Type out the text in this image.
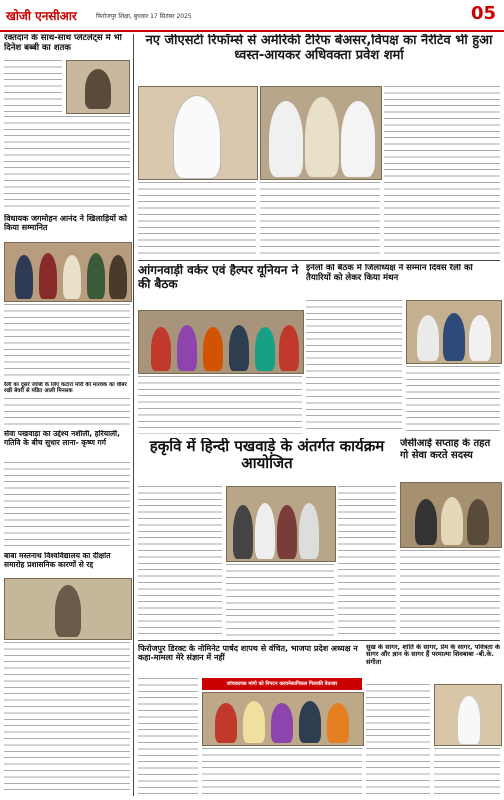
खोजी एनसीआर	फिरोजपुर शिक्षा, बुधवार 17 सितंबर 2025	05
रक्तदान के साथ-साथ प्लेटलेट्स में भी दिनेश बब्बी का शतक
विधायक जगमोहन आनंद ने खिलाड़ियों को किया सम्मानित
रैली का दूसरे जांबिः के लिए कटारा मोरी की मारवक का धौबर रखी बेवरी से मंडित आली मिनसक
सेवा पखवाड़ा का उद्देश्य नशीली, हरियाली, गतिवि के बीच सुधार लाना- कृष्ण गर्ग
बाबा मस्तनाथ विश्वविद्यालय का दीक्षांत समारोह प्रशासनिक कारणों से रद्द
नए जीएसटी रिफॉर्म्स से अमेरिकी टैरिफ बेअसर,विपक्ष का नैरेटिव भी हुआ ध्वस्त-आयकर अधिवक्ता प्रवेश शर्मा
आंगनवाड़ी वर्कर एवं हैल्पर यूनियन ने की बैठक
इनेलो को बैठक में जिलाध्यक्ष ने सम्मान दिवस रैली को तैयारियों को लेकर किया मंथन
हकृवि में हिन्दी पखवाड़े के अंतर्गत कार्यक्रम आयोजित
जेसीआई सप्ताह के तहत गो सेवा करते सदस्य
फिरोजपुर डिरक्ट के नोमिनेट पार्षद शापथ से वंचित, भाजपा प्रदेश अध्यक्ष न कहा-मामला मेरे संज्ञान में नहीं
जांचकापक मांगो को निपटन करवनेकागिकल गिलाकी वेतजार
सुख के सागर, शांति के सागर, प्रेम के सागर, पवित्रता के सागर और ज्ञान के सागर हैं परमात्मा शिवबाबा -बी.के. संगीता
